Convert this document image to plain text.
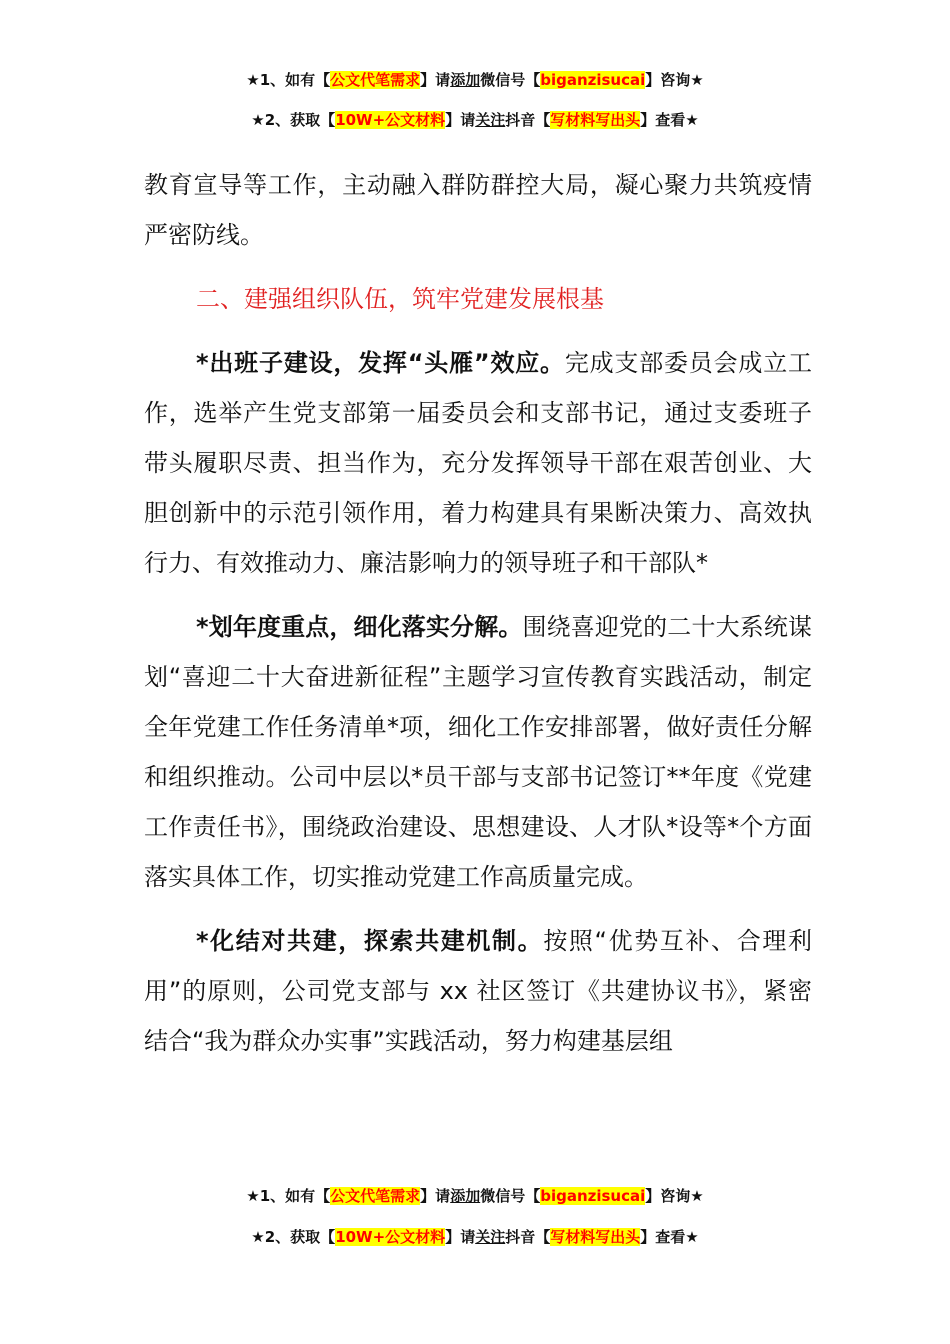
★1、如有【公文代笔需求】请添加微信号【biganzisucai】咨询★
★2、获取【10W+公文材料】请关注抖音【写材料写出头】查看★

教育宣导等工作，主动融入群防群控大局，凝心聚力共筑疫情严密防线。

二、建强组织队伍，筑牢党建发展根基

*出班子建设，发挥“头雁”效应。完成支部委员会成立工作，选举产生党支部第一届委员会和支部书记，通过支委班子带头履职尽责、担当作为，充分发挥领导干部在艰苦创业、大胆创新中的示范引领作用，着力构建具有果断决策力、高效执行力、有效推动力、廉洁影响力的领导班子和干部队*

*划年度重点，细化落实分解。围绕喜迎党的二十大系统谋划“喜迎二十大奋进新征程”主题学习宣传教育实践活动，制定全年党建工作任务清单*项，细化工作安排部署，做好责任分解和组织推动。公司中层以*员干部与支部书记签订**年度《党建工作责任书》，围绕政治建设、思想建设、人才队*设等*个方面落实具体工作，切实推动党建工作高质量完成。

*化结对共建，探索共建机制。按照“优势互补、合理利用”的原则，公司党支部与 xx 社区签订《共建协议书》，紧密结合“我为群众办实事”实践活动，努力构建基层组

★1、如有【公文代笔需求】请添加微信号【biganzisucai】咨询★
★2、获取【10W+公文材料】请关注抖音【写材料写出头】查看★
